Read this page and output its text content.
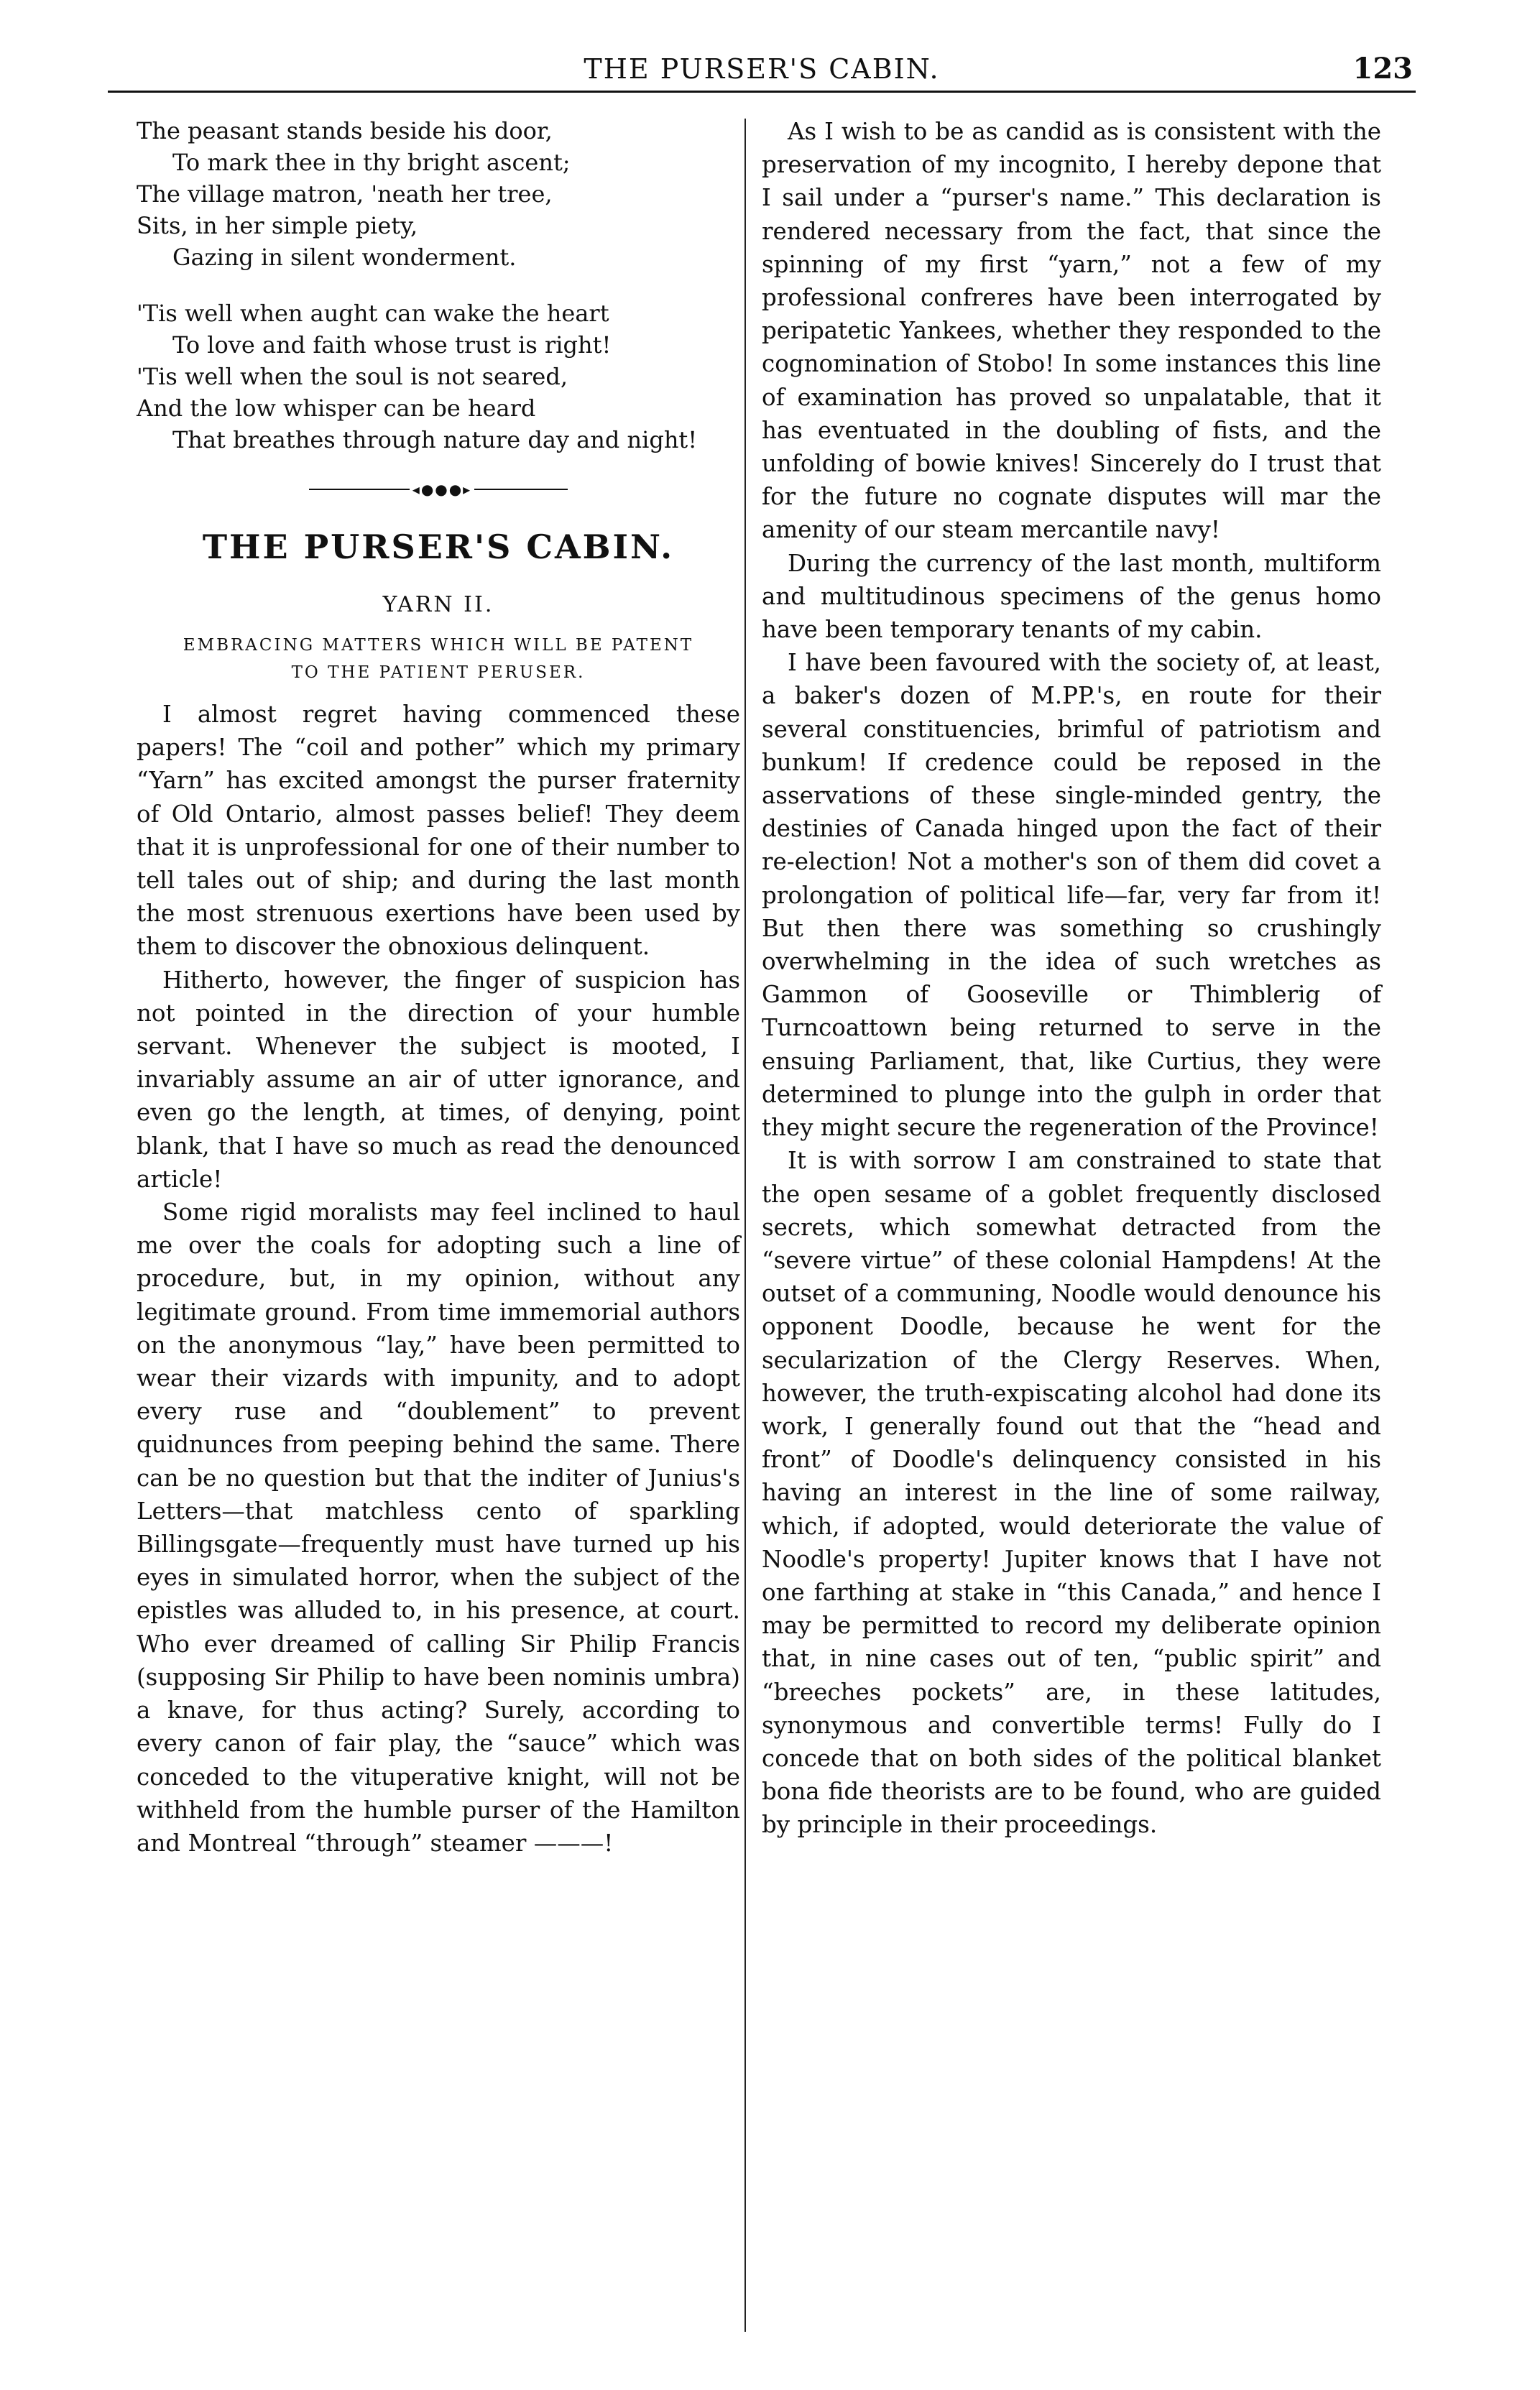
THE PURSER'S CABIN.	123
The peasant stands beside his door,
To mark thee in thy bright ascent;
The village matron, 'neath her tree,
Sits, in her simple piety,
Gazing in silent wonderment.
'Tis well when aught can wake the heart
To love and faith whose trust is right!
'Tis well when the soul is not seared,
And the low whisper can be heard
That breathes through nature day and night!
◂●●●▸
THE PURSER'S CABIN.
YARN II.
EMBRACING MATTERS WHICH WILL BE PATENT
TO THE PATIENT PERUSER.

I almost regret having commenced these papers! The “coil and pother” which my primary “Yarn” has excited amongst the purser fraternity of Old Ontario, almost passes belief! They deem that it is unprofessional for one of their number to tell tales out of ship; and during the last month the most strenuous exertions have been used by them to discover the obnoxious delinquent.

Hitherto, however, the finger of suspicion has not pointed in the direction of your humble servant. Whenever the subject is mooted, I invariably assume an air of utter ignorance, and even go the length, at times, of denying, point blank, that I have so much as read the denounced article!

Some rigid moralists may feel inclined to haul me over the coals for adopting such a line of procedure, but, in my opinion, without any legitimate ground. From time immemorial authors on the anonymous “lay,” have been permitted to wear their vizards with impunity, and to adopt every ruse and “doublement” to prevent quidnunces from peeping behind the same. There can be no question but that the inditer of Junius's Letters—that matchless cento of sparkling Billingsgate—frequently must have turned up his eyes in simulated horror, when the subject of the epistles was alluded to, in his presence, at court. Who ever dreamed of calling Sir Philip Francis (supposing Sir Philip to have been nominis umbra) a knave, for thus acting? Surely, according to every canon of fair play, the “sauce” which was conceded to the vituperative knight, will not be withheld from the humble purser of the Hamilton and Montreal “through” steamer ———!

As I wish to be as candid as is consistent with the preservation of my incognito, I hereby depone that I sail under a “purser's name.” This declaration is rendered necessary from the fact, that since the spinning of my first “yarn,” not a few of my professional confreres have been interrogated by peripatetic Yankees, whether they responded to the cognomination of Stobo! In some instances this line of examination has proved so unpalatable, that it has eventuated in the doubling of fists, and the unfolding of bowie knives! Sincerely do I trust that for the future no cognate disputes will mar the amenity of our steam mercantile navy!

During the currency of the last month, multiform and multitudinous specimens of the genus homo have been temporary tenants of my cabin.

I have been favoured with the society of, at least, a baker's dozen of M.PP.'s, en route for their several constituencies, brimful of patriotism and bunkum! If credence could be reposed in the asservations of these single-minded gentry, the destinies of Canada hinged upon the fact of their re-election! Not a mother's son of them did covet a prolongation of political life—far, very far from it! But then there was something so crushingly overwhelming in the idea of such wretches as Gammon of Gooseville or Thimblerig of Turncoattown being returned to serve in the ensuing Parliament, that, like Curtius, they were determined to plunge into the gulph in order that they might secure the regeneration of the Province!

It is with sorrow I am constrained to state that the open sesame of a goblet frequently disclosed secrets, which somewhat detracted from the “severe virtue” of these colonial Hampdens! At the outset of a communing, Noodle would denounce his opponent Doodle, because he went for the secularization of the Clergy Reserves. When, however, the truth-expiscating alcohol had done its work, I generally found out that the “head and front” of Doodle's delinquency consisted in his having an interest in the line of some railway, which, if adopted, would deteriorate the value of Noodle's property! Jupiter knows that I have not one farthing at stake in “this Canada,” and hence I may be permitted to record my deliberate opinion that, in nine cases out of ten, “public spirit” and “breeches pockets” are, in these latitudes, synonymous and convertible terms! Fully do I concede that on both sides of the political blanket bona fide theorists are to be found, who are guided by principle in their proceedings.
